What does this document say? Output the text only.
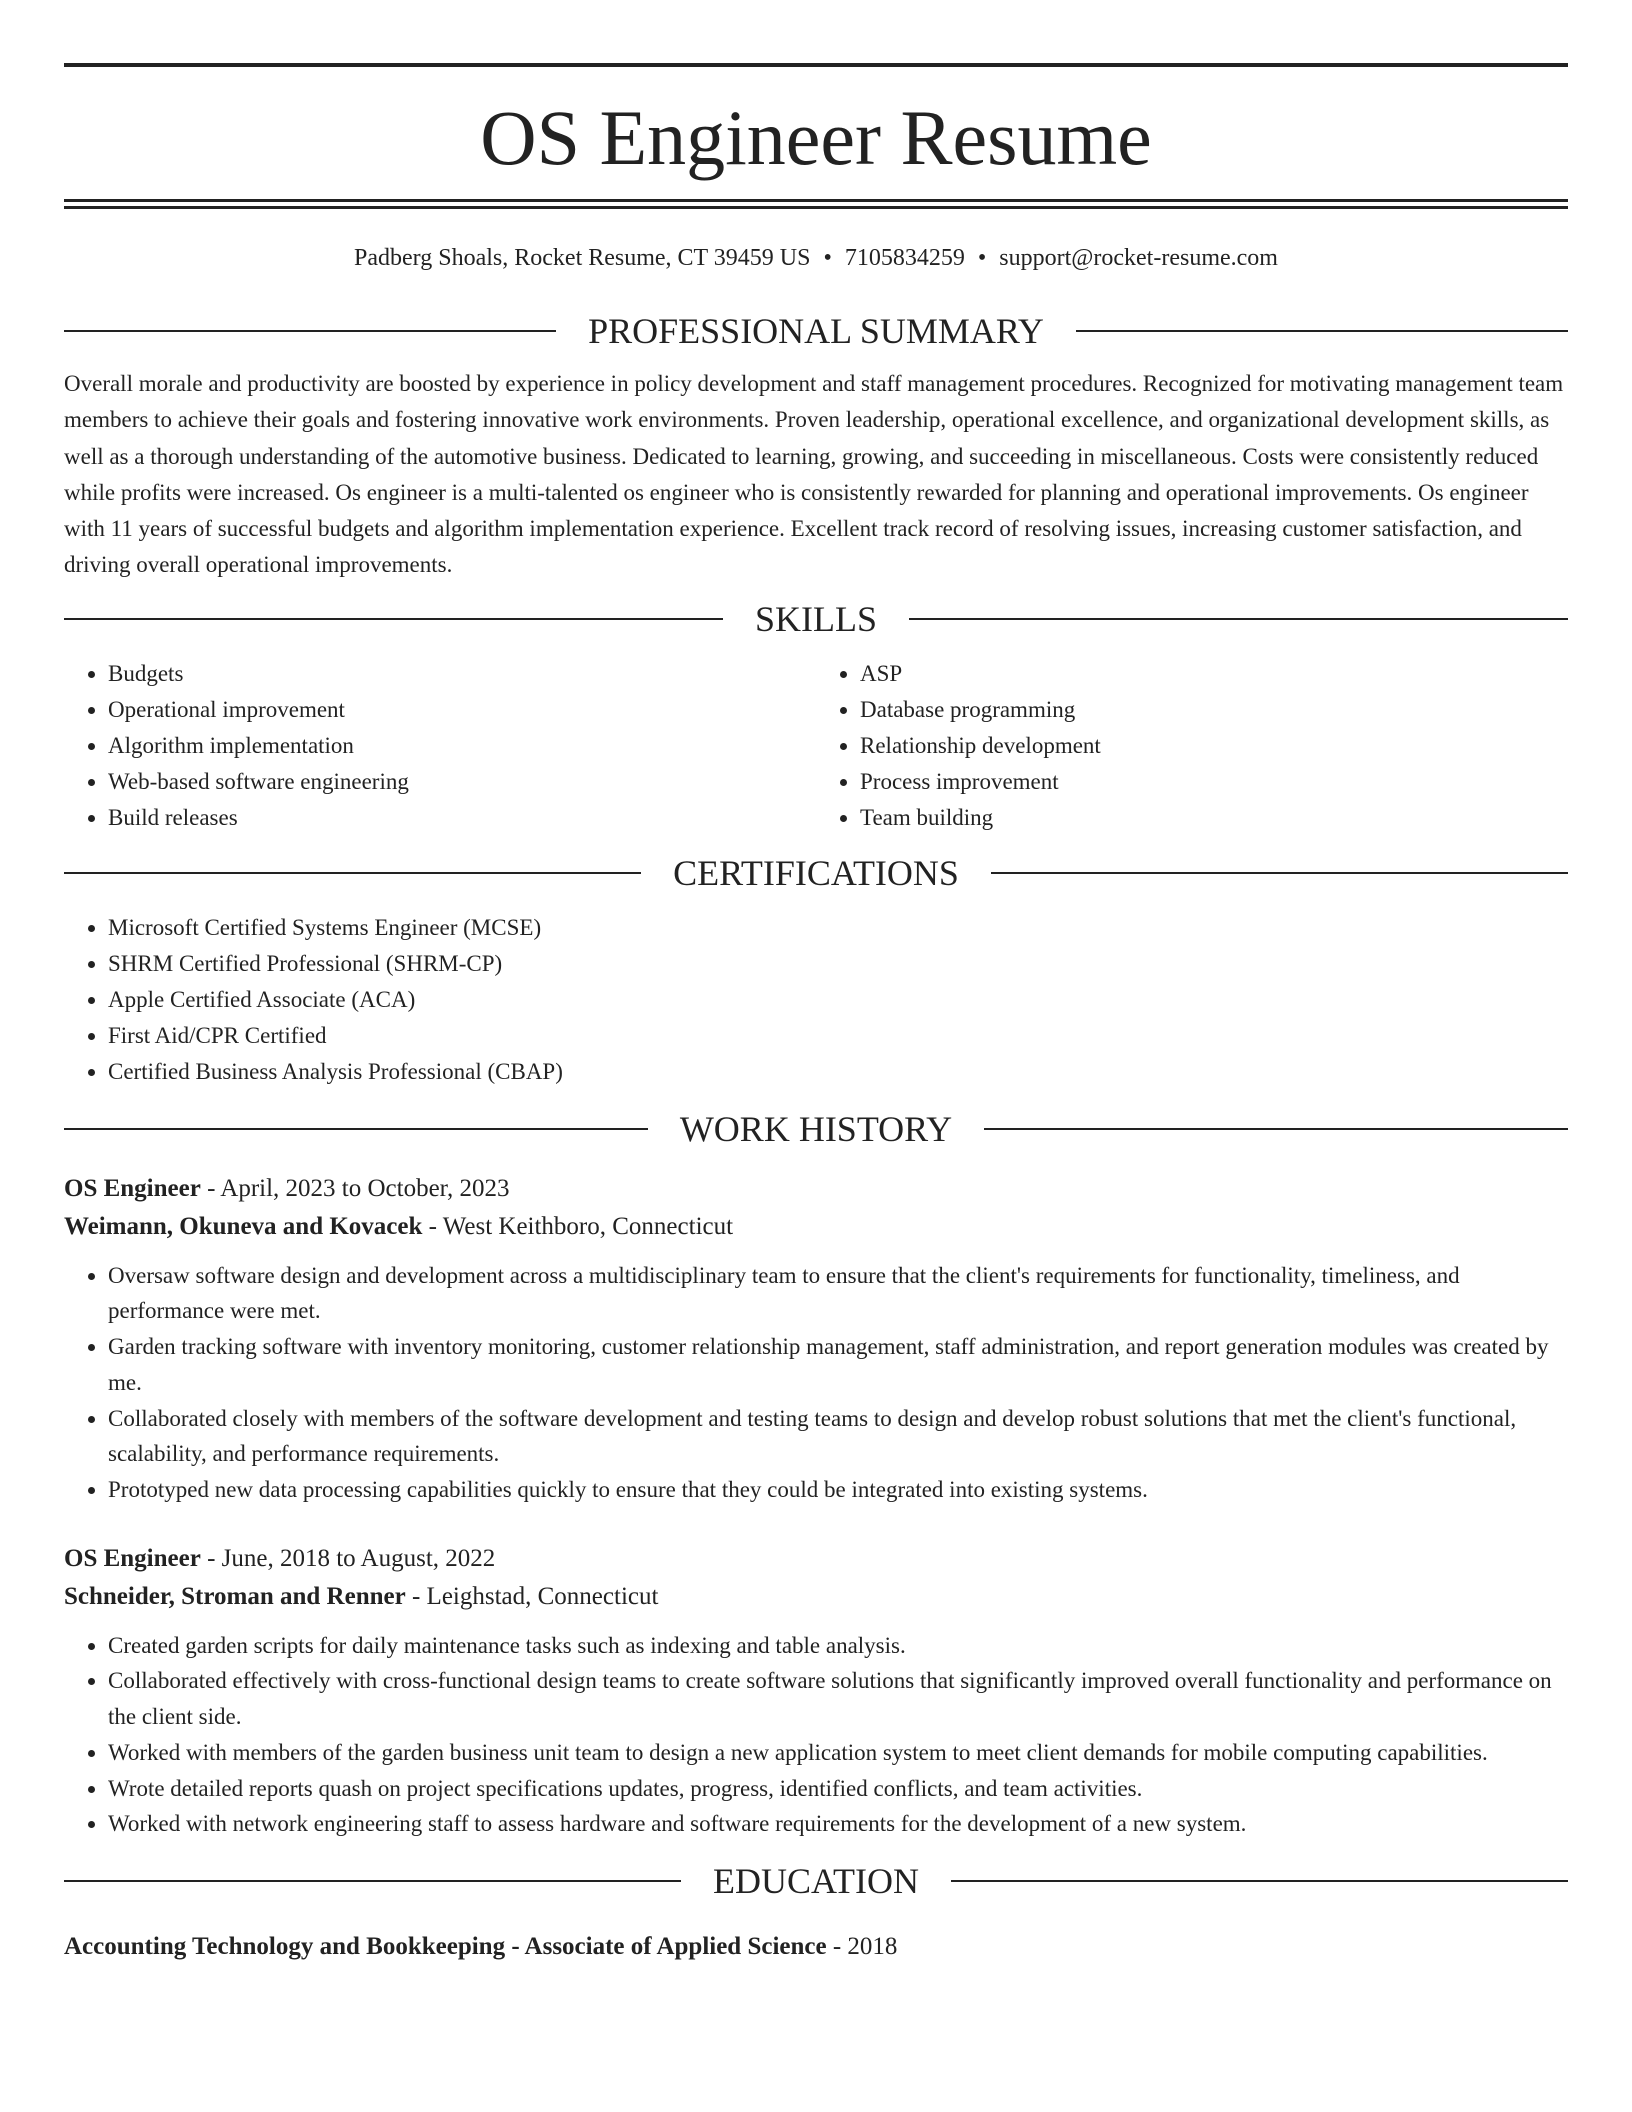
OS Engineer Resume
Padberg Shoals, Rocket Resume, CT 39459 US • 7105834259 • support@rocket-resume.com
PROFESSIONAL SUMMARY

Overall morale and productivity are boosted by experience in policy development and staff management procedures. Recognized for motivating management team members to achieve their goals and fostering innovative work environments. Proven leadership, operational excellence, and organizational development skills, as well as a thorough understanding of the automotive business. Dedicated to learning, growing, and succeeding in miscellaneous. Costs were consistently reduced while profits were increased. Os engineer is a multi-talented os engineer who is consistently rewarded for planning and operational improvements. Os engineer with 11 years of successful budgets and algorithm implementation experience. Excellent track record of resolving issues, increasing customer satisfaction, and driving overall operational improvements.

SKILLS
• Budgets
• Operational improvement
• Algorithm implementation
• Web-based software engineering
• Build releases
• ASP
• Database programming
• Relationship development
• Process improvement
• Team building
CERTIFICATIONS
• Microsoft Certified Systems Engineer (MCSE)
• SHRM Certified Professional (SHRM-CP)
• Apple Certified Associate (ACA)
• First Aid/CPR Certified
• Certified Business Analysis Professional (CBAP)
WORK HISTORY
OS Engineer - April, 2023 to October, 2023
Weimann, Okuneva and Kovacek - West Keithboro, Connecticut
• Oversaw software design and development across a multidisciplinary team to ensure that the client's requirements for functionality, timeliness, and performance were met.
• Garden tracking software with inventory monitoring, customer relationship management, staff administration, and report generation modules was created by me.
• Collaborated closely with members of the software development and testing teams to design and develop robust solutions that met the client's functional, scalability, and performance requirements.
• Prototyped new data processing capabilities quickly to ensure that they could be integrated into existing systems.
OS Engineer - June, 2018 to August, 2022
Schneider, Stroman and Renner - Leighstad, Connecticut
• Created garden scripts for daily maintenance tasks such as indexing and table analysis.
• Collaborated effectively with cross-functional design teams to create software solutions that significantly improved overall functionality and performance on the client side.
• Worked with members of the garden business unit team to design a new application system to meet client demands for mobile computing capabilities.
• Wrote detailed reports quash on project specifications updates, progress, identified conflicts, and team activities.
• Worked with network engineering staff to assess hardware and software requirements for the development of a new system.
EDUCATION
Accounting Technology and Bookkeeping - Associate of Applied Science - 2018
